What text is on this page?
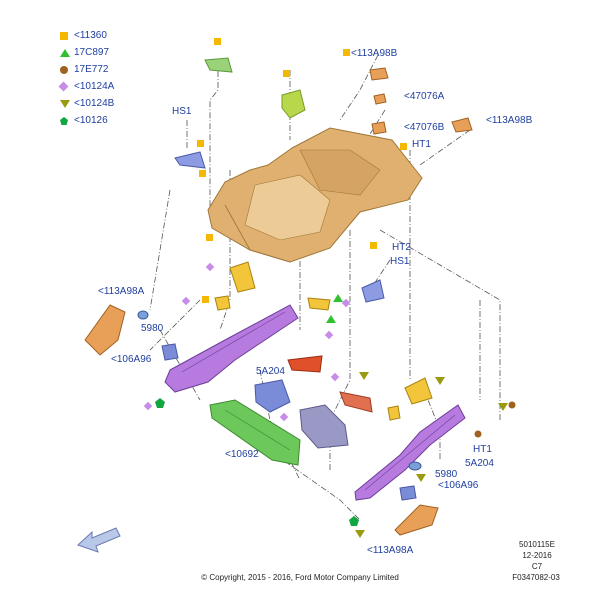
<11360
17C897
17E772
<10124A
<10124B
<10126
<113A98B
<47076A
<47076B
<113A98B
HS1
HT1
HT2
HS1
<113A98A
5980
<106A96
5A204
<10692	HT1
5980
5A204
<106A96
<113A98A
5010115E
12-2016
C7
F0347082-03
© Copyright, 2015 - 2016, Ford Motor Company Limited
